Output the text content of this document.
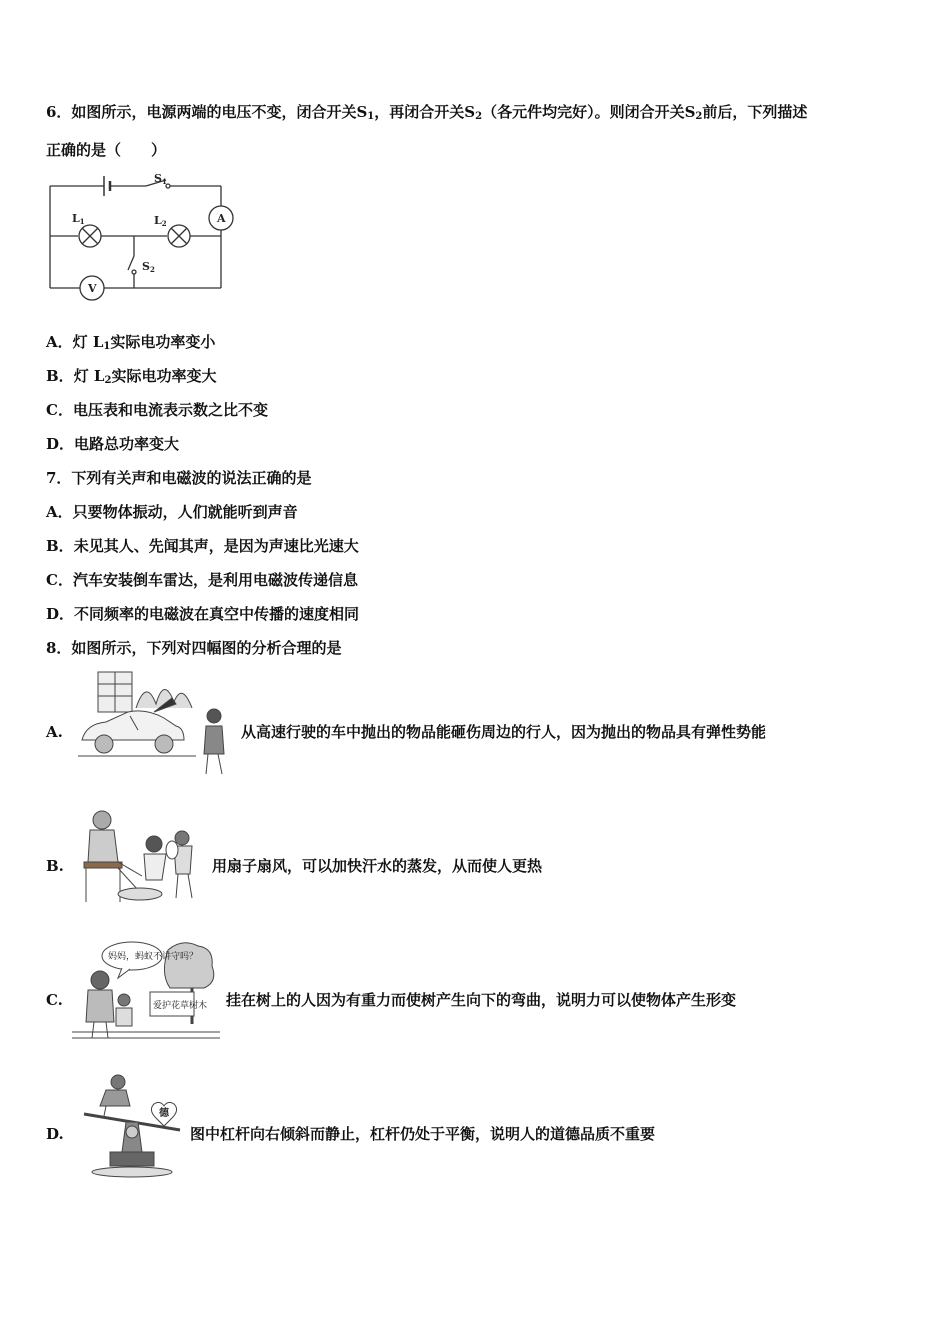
6．如图所示，电源两端的电压不变，闭合开关$S_1$，再闭合开关$S_2$（各元件均完好）。则闭合开关$S_2$前后，下列描述
正确的是（　　）
S1
L1	L2
S2
A
V
A．灯 $L_1$实际电功率变小
B．灯 $L_2$实际电功率变大
C．电压表和电流表示数之比不变
D．电路总功率变大
7．下列有关声和电磁波的说法正确的是
A．只要物体振动，人们就能听到声音
B．未见其人、先闻其声，是因为声速比光速大
C．汽车安装倒车雷达，是利用电磁波传递信息
D．不同频率的电磁波在真空中传播的速度相同
8．如图所示，下列对四幅图的分析合理的是
A.	从高速行驶的车中抛出的物品能砸伤周边的行人，因为抛出的物品具有弹性势能
B.	用扇子扇风，可以加快汗水的蒸发，从而使人更热
C.
妈妈，蚂蚁不讲守吗？
爱护花草树木 挂在树上的人因为有重力而使树产生向下的弯曲，说明力可以使物体产生形变
D.
德
图中杠杆向右倾斜而静止，杠杆仍处于平衡，说明人的道德品质不重要
